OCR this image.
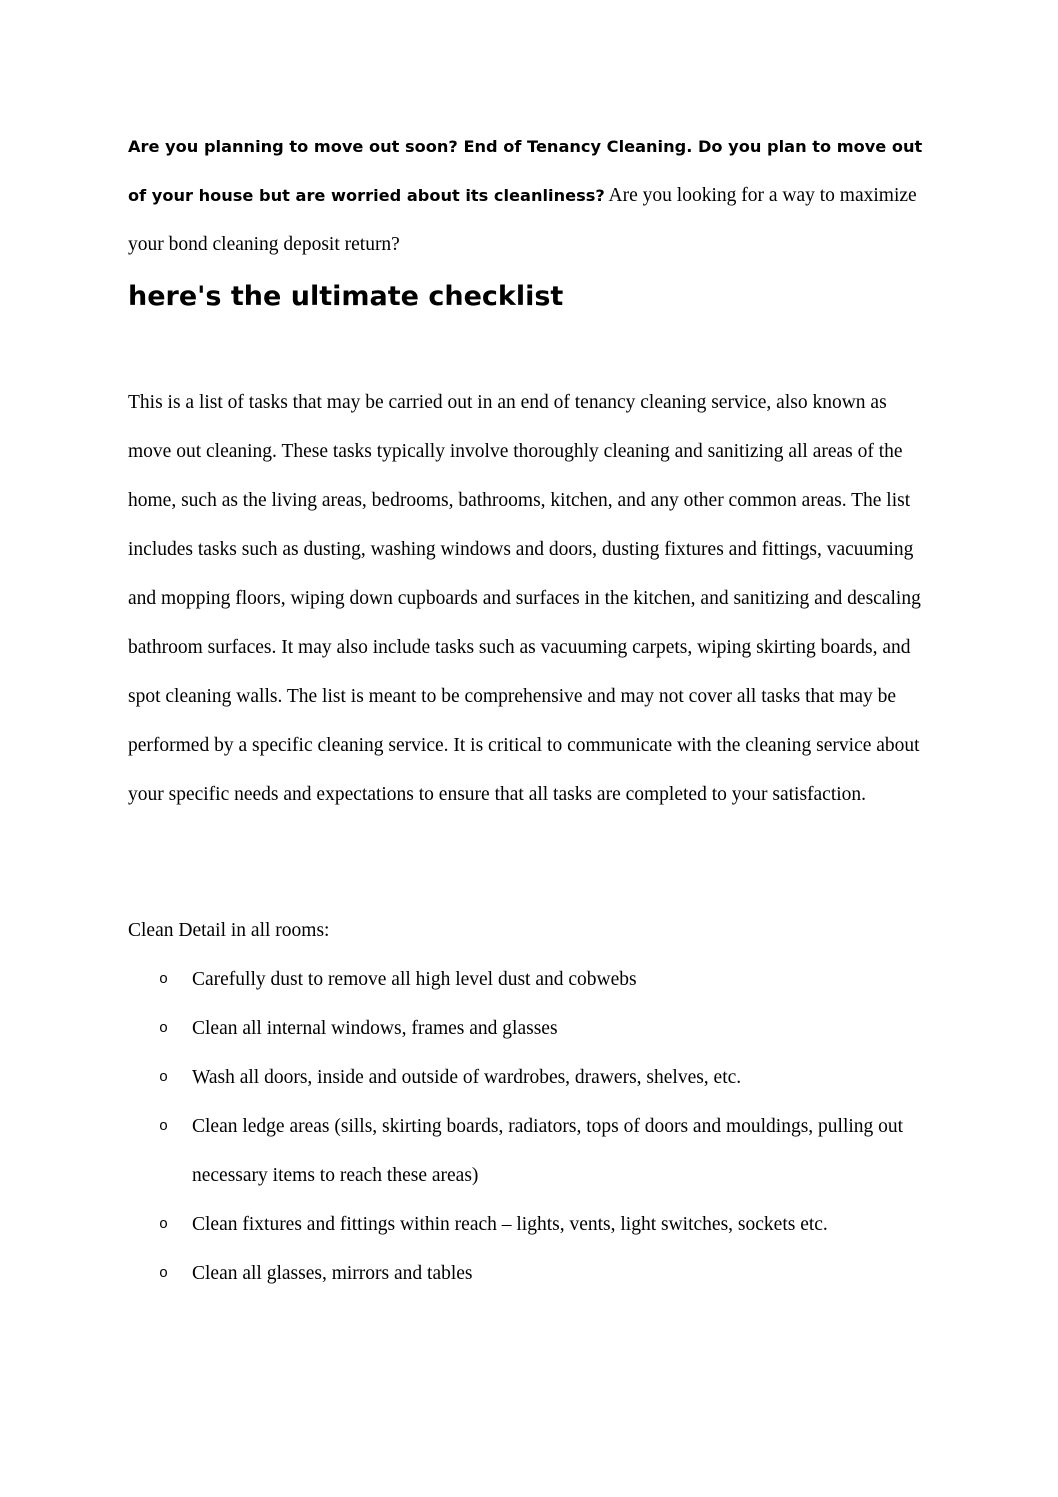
Are you planning to move out soon? End of Tenancy Cleaning. Do you plan to move out of your house but are worried about its cleanliness? Are you looking for a way to maximize your bond cleaning deposit return?

here's the ultimate checklist

This is a list of tasks that may be carried out in an end of tenancy cleaning service, also known as move out cleaning. These tasks typically involve thoroughly cleaning and sanitizing all areas of the home, such as the living areas, bedrooms, bathrooms, kitchen, and any other common areas. The list includes tasks such as dusting, washing windows and doors, dusting fixtures and fittings, vacuuming and mopping floors, wiping down cupboards and surfaces in the kitchen, and sanitizing and descaling bathroom surfaces. It may also include tasks such as vacuuming carpets, wiping skirting boards, and spot cleaning walls. The list is meant to be comprehensive and may not cover all tasks that may be performed by a specific cleaning service. It is critical to communicate with the cleaning service about your specific needs and expectations to ensure that all tasks are completed to your satisfaction.

Clean Detail in all rooms:

o Carefully dust to remove all high level dust and cobwebs
o Clean all internal windows, frames and glasses
o Wash all doors, inside and outside of wardrobes, drawers, shelves, etc.
o Clean ledge areas (sills, skirting boards, radiators, tops of doors and mouldings, pulling out necessary items to reach these areas)
o Clean fixtures and fittings within reach – lights, vents, light switches, sockets etc.
o Clean all glasses, mirrors and tables
